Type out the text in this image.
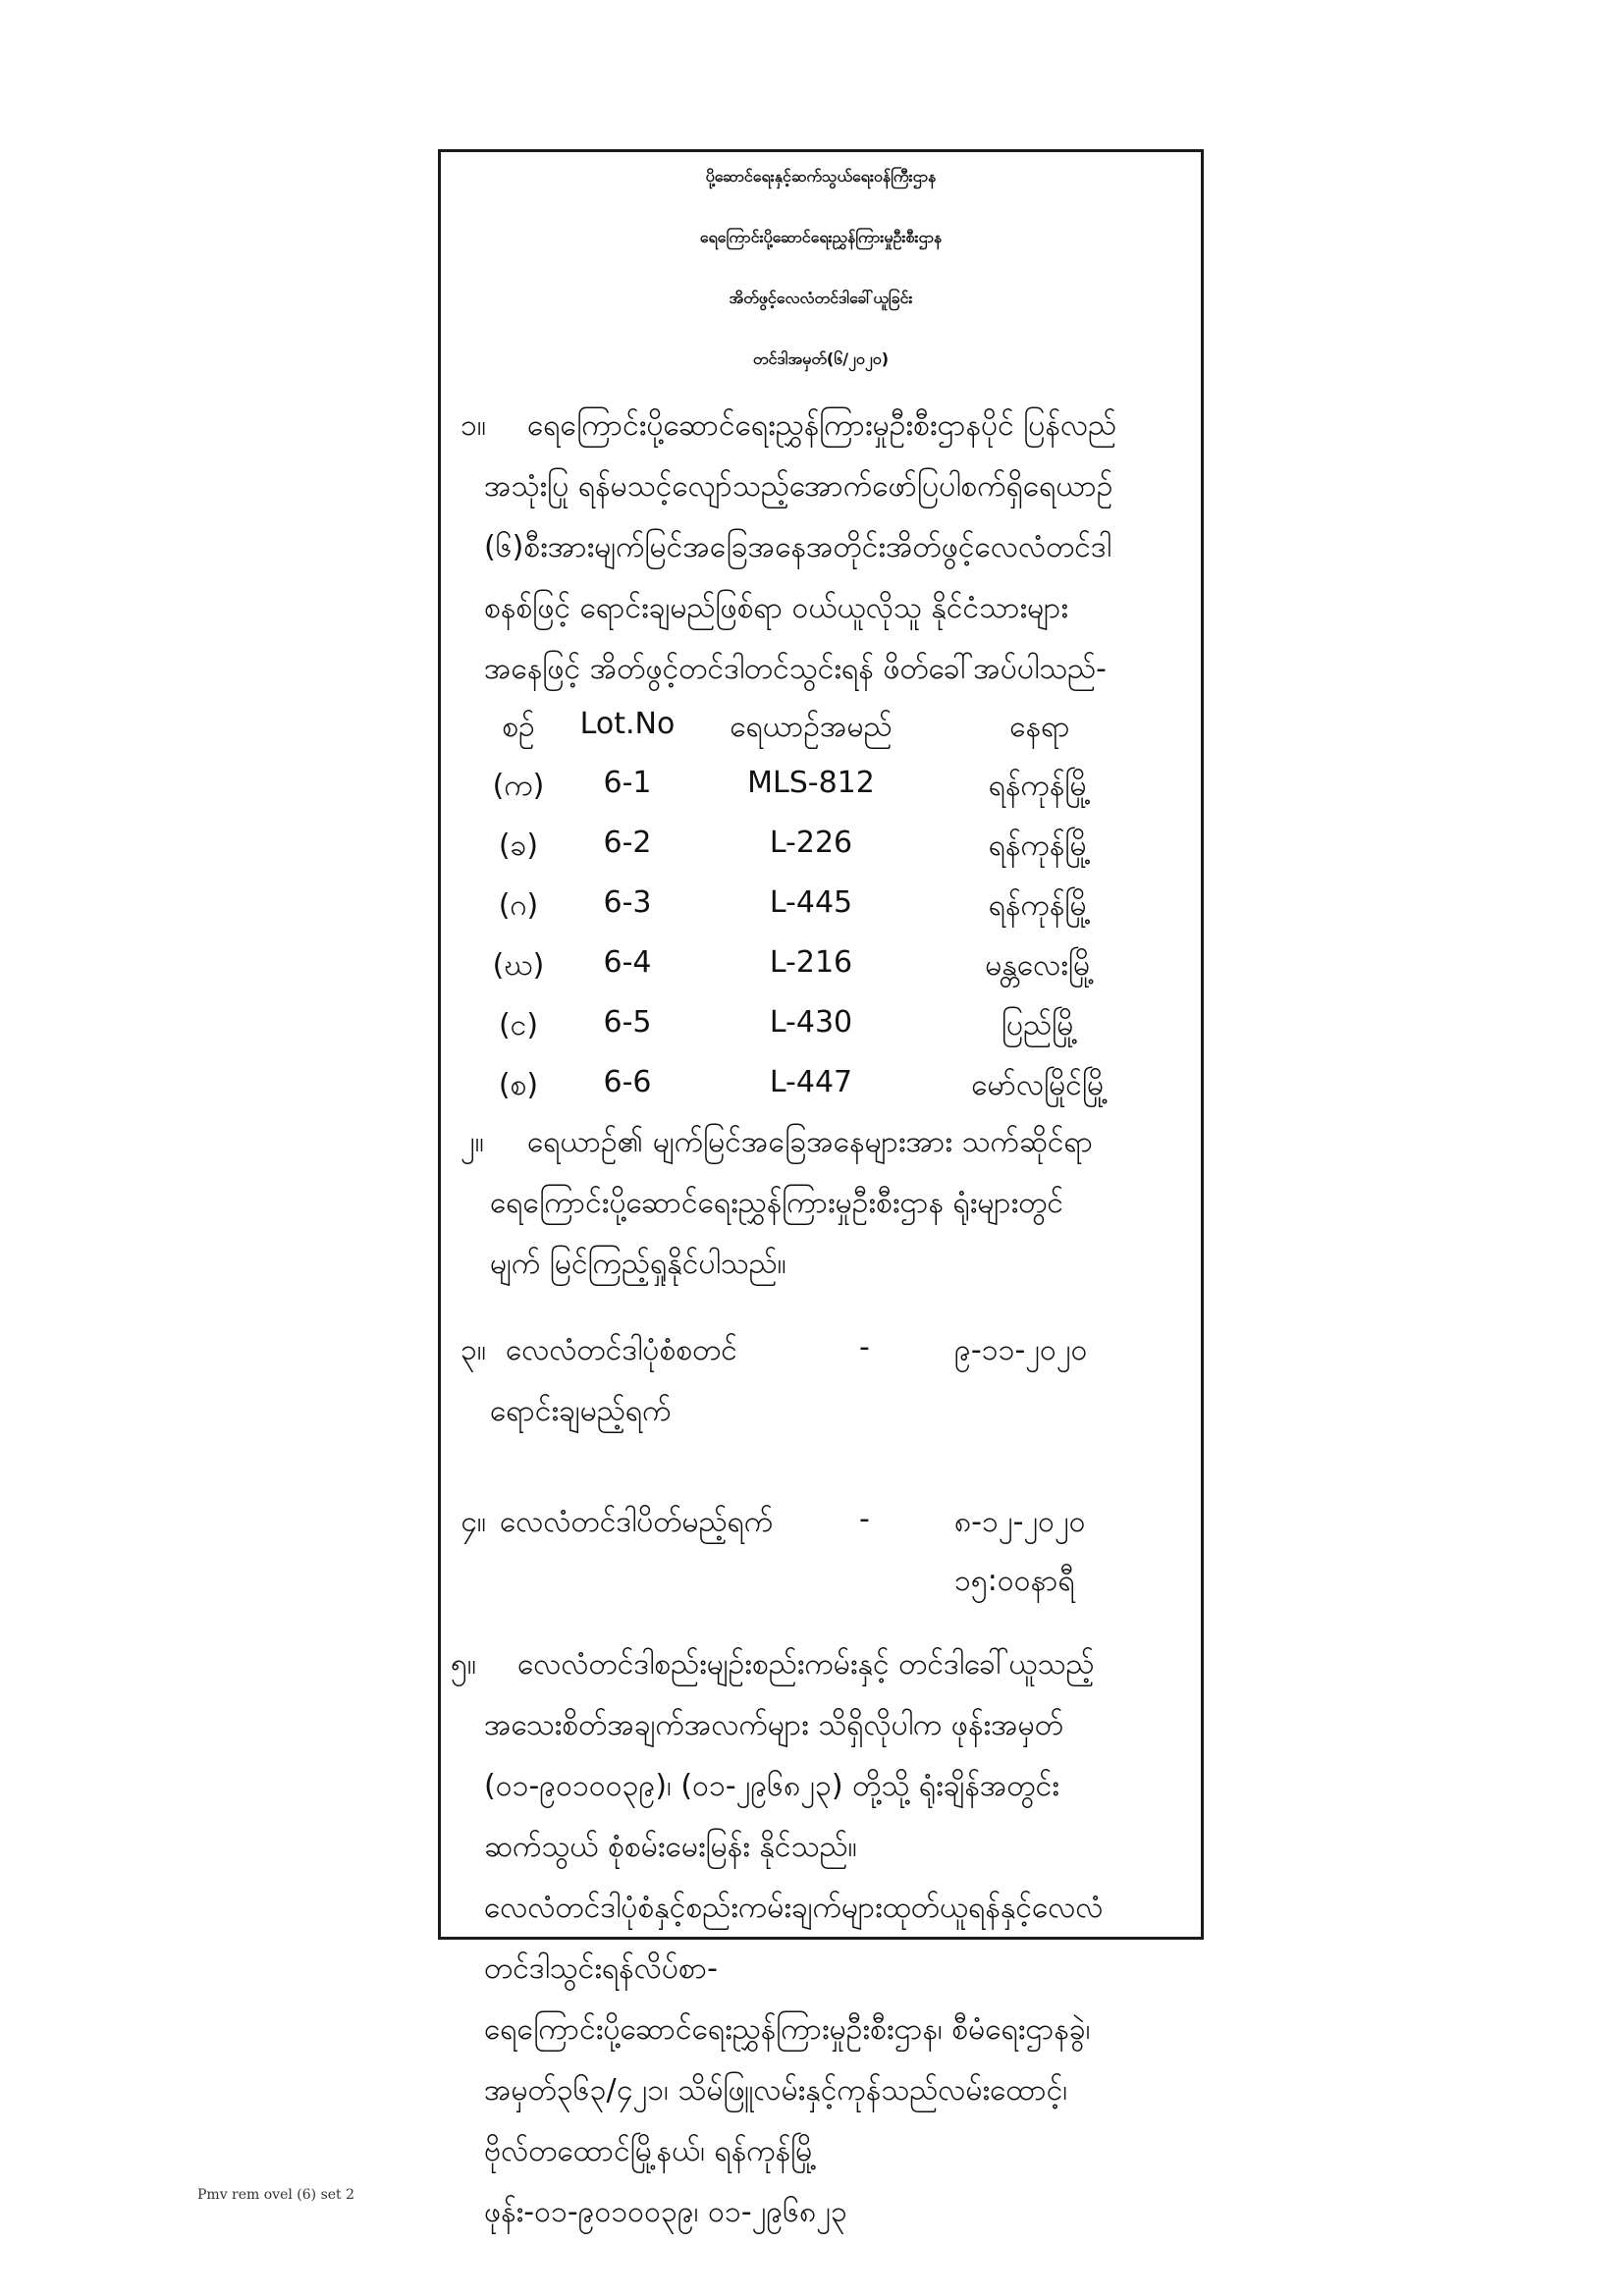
ပို့ဆောင်ရေးနှင့်ဆက်သွယ်ရေးဝန်ကြီးဌာန
ရေကြောင်းပို့ဆောင်ရေးညွှန်ကြားမှုဦးစီးဌာန
အိတ်ဖွင့်လေလံတင်ဒါခေါ်ယူခြင်း
တင်ဒါအမှတ်(၆/၂၀၂၀)
၁။ ရေကြောင်းပို့ဆောင်ရေးညွှန်ကြားမှုဦးစီးဌာနပိုင် ပြန်လည်
အသုံးပြု ရန်မသင့်လျော်သည့်အောက်ဖော်ပြပါစက်ရှိရေယာဉ်
(၆)စီးအားမျက်မြင်အခြေအနေအတိုင်းအိတ်ဖွင့်လေလံတင်ဒါ
စနစ်ဖြင့် ရောင်းချမည်ဖြစ်ရာ ဝယ်ယူလိုသူ နိုင်ငံသားများ
အနေဖြင့် အိတ်ဖွင့်တင်ဒါတင်သွင်းရန် ဖိတ်ခေါ်အပ်ပါသည်-
စဉ်	Lot.No	ရေယာဉ်အမည်	နေရာ
(က)	6-1	MLS-812	ရန်ကုန်မြို့
(ခ)	6-2	L-226	ရန်ကုန်မြို့
(ဂ)	6-3	L-445	ရန်ကုန်မြို့
(ဃ)	6-4	L-216	မန္တလေးမြို့
(င)	6-5	L-430	ပြည်မြို့
(စ)	6-6	L-447	မော်လမြိုင်မြို့
၂။ ရေယာဉ်၏ မျက်မြင်အခြေအနေများအား သက်ဆိုင်ရာ
ရေကြောင်းပို့ဆောင်ရေးညွှန်ကြားမှုဦးစီးဌာန ရုံးများတွင်
မျက် မြင်ကြည့်ရှုနိုင်ပါသည်။
၃။ လေလံတင်ဒါပုံစံစတင်
ရောင်းချမည့်ရက်
-	၉-၁၁-၂၀၂၀
၄။ လေလံတင်ဒါပိတ်မည့်ရက်	-	၈-၁၂-၂၀၂၀
၁၅:၀၀နာရီ
၅။ လေလံတင်ဒါစည်းမျဉ်းစည်းကမ်းနှင့် တင်ဒါခေါ်ယူသည့်
အသေးစိတ်အချက်အလက်များ သိရှိလိုပါက ဖုန်းအမှတ်
(၀၁-၉၀၁၀၀၃၉)၊ (၀၁-၂၉၆၈၂၃) တို့သို့ ရုံးချိန်အတွင်း
ဆက်သွယ် စုံစမ်းမေးမြန်း နိုင်သည်။
လေလံတင်ဒါပုံစံနှင့်စည်းကမ်းချက်များထုတ်ယူရန်နှင့်လေလံ
တင်ဒါသွင်းရန်လိပ်စာ-
ရေကြောင်းပို့ဆောင်ရေးညွှန်ကြားမှုဦးစီးဌာန၊ စီမံရေးဌာနခွဲ၊
အမှတ်၃၆၃/၄၂၁၊ သိမ်ဖြူလမ်းနှင့်ကုန်သည်လမ်းထောင့်၊
ဗိုလ်တထောင်မြို့နယ်၊ ရန်ကုန်မြို့
ဖုန်း-၀၁-၉၀၁၀၀၃၉၊ ၀၁-၂၉၆၈၂၃
Pmv rem ovel (6) set 2
